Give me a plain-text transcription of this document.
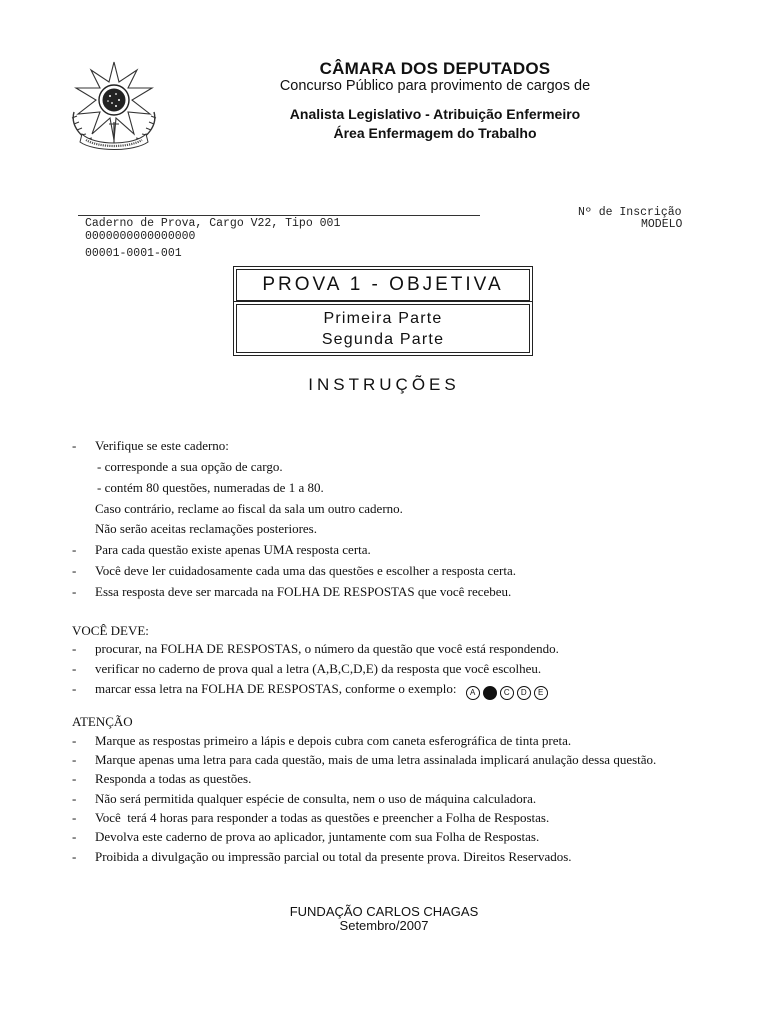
CÂMARA DOS DEPUTADOS
Concurso Público para provimento de cargos de
Analista Legislativo - Atribuição Enfermeiro
Área Enfermagem do Trabalho
Caderno de Prova, Cargo V22, Tipo 001
0000000000000000
00001-0001-001
Nº de Inscrição
MODELO
PROVA 1 - OBJETIVA
Primeira Parte
Segunda Parte
INSTRUÇÕES
- Verifique se este caderno:
- corresponde a sua opção de cargo.
- contém 80 questões, numeradas de 1 a 80.
Caso contrário, reclame ao fiscal da sala um outro caderno.
Não serão aceitas reclamações posteriores.
- Para cada questão existe apenas UMA resposta certa.
- Você deve ler cuidadosamente cada uma das questões e escolher a resposta certa.
- Essa resposta deve ser marcada na FOLHA DE RESPOSTAS que você recebeu.
VOCÊ DEVE:
- procurar, na FOLHA DE RESPOSTAS, o número da questão que você está respondendo.
- verificar no caderno de prova qual a letra (A,B,C,D,E) da resposta que você escolheu.
- marcar essa letra na FOLHA DE RESPOSTAS, conforme o exemplo:	A	B	C	D	E
ATENÇÃO
- Marque as respostas primeiro a lápis e depois cubra com caneta esferográfica de tinta preta.
- Marque apenas uma letra para cada questão, mais de uma letra assinalada implicará anulação dessa questão.
- Responda a todas as questões.
- Não será permitida qualquer espécie de consulta, nem o uso de máquina calculadora.
- Você  terá 4 horas para responder a todas as questões e preencher a Folha de Respostas.
- Devolva este caderno de prova ao aplicador, juntamente com sua Folha de Respostas.
- Proibida a divulgação ou impressão parcial ou total da presente prova. Direitos Reservados.
FUNDAÇÃO CARLOS CHAGAS
Setembro/2007
